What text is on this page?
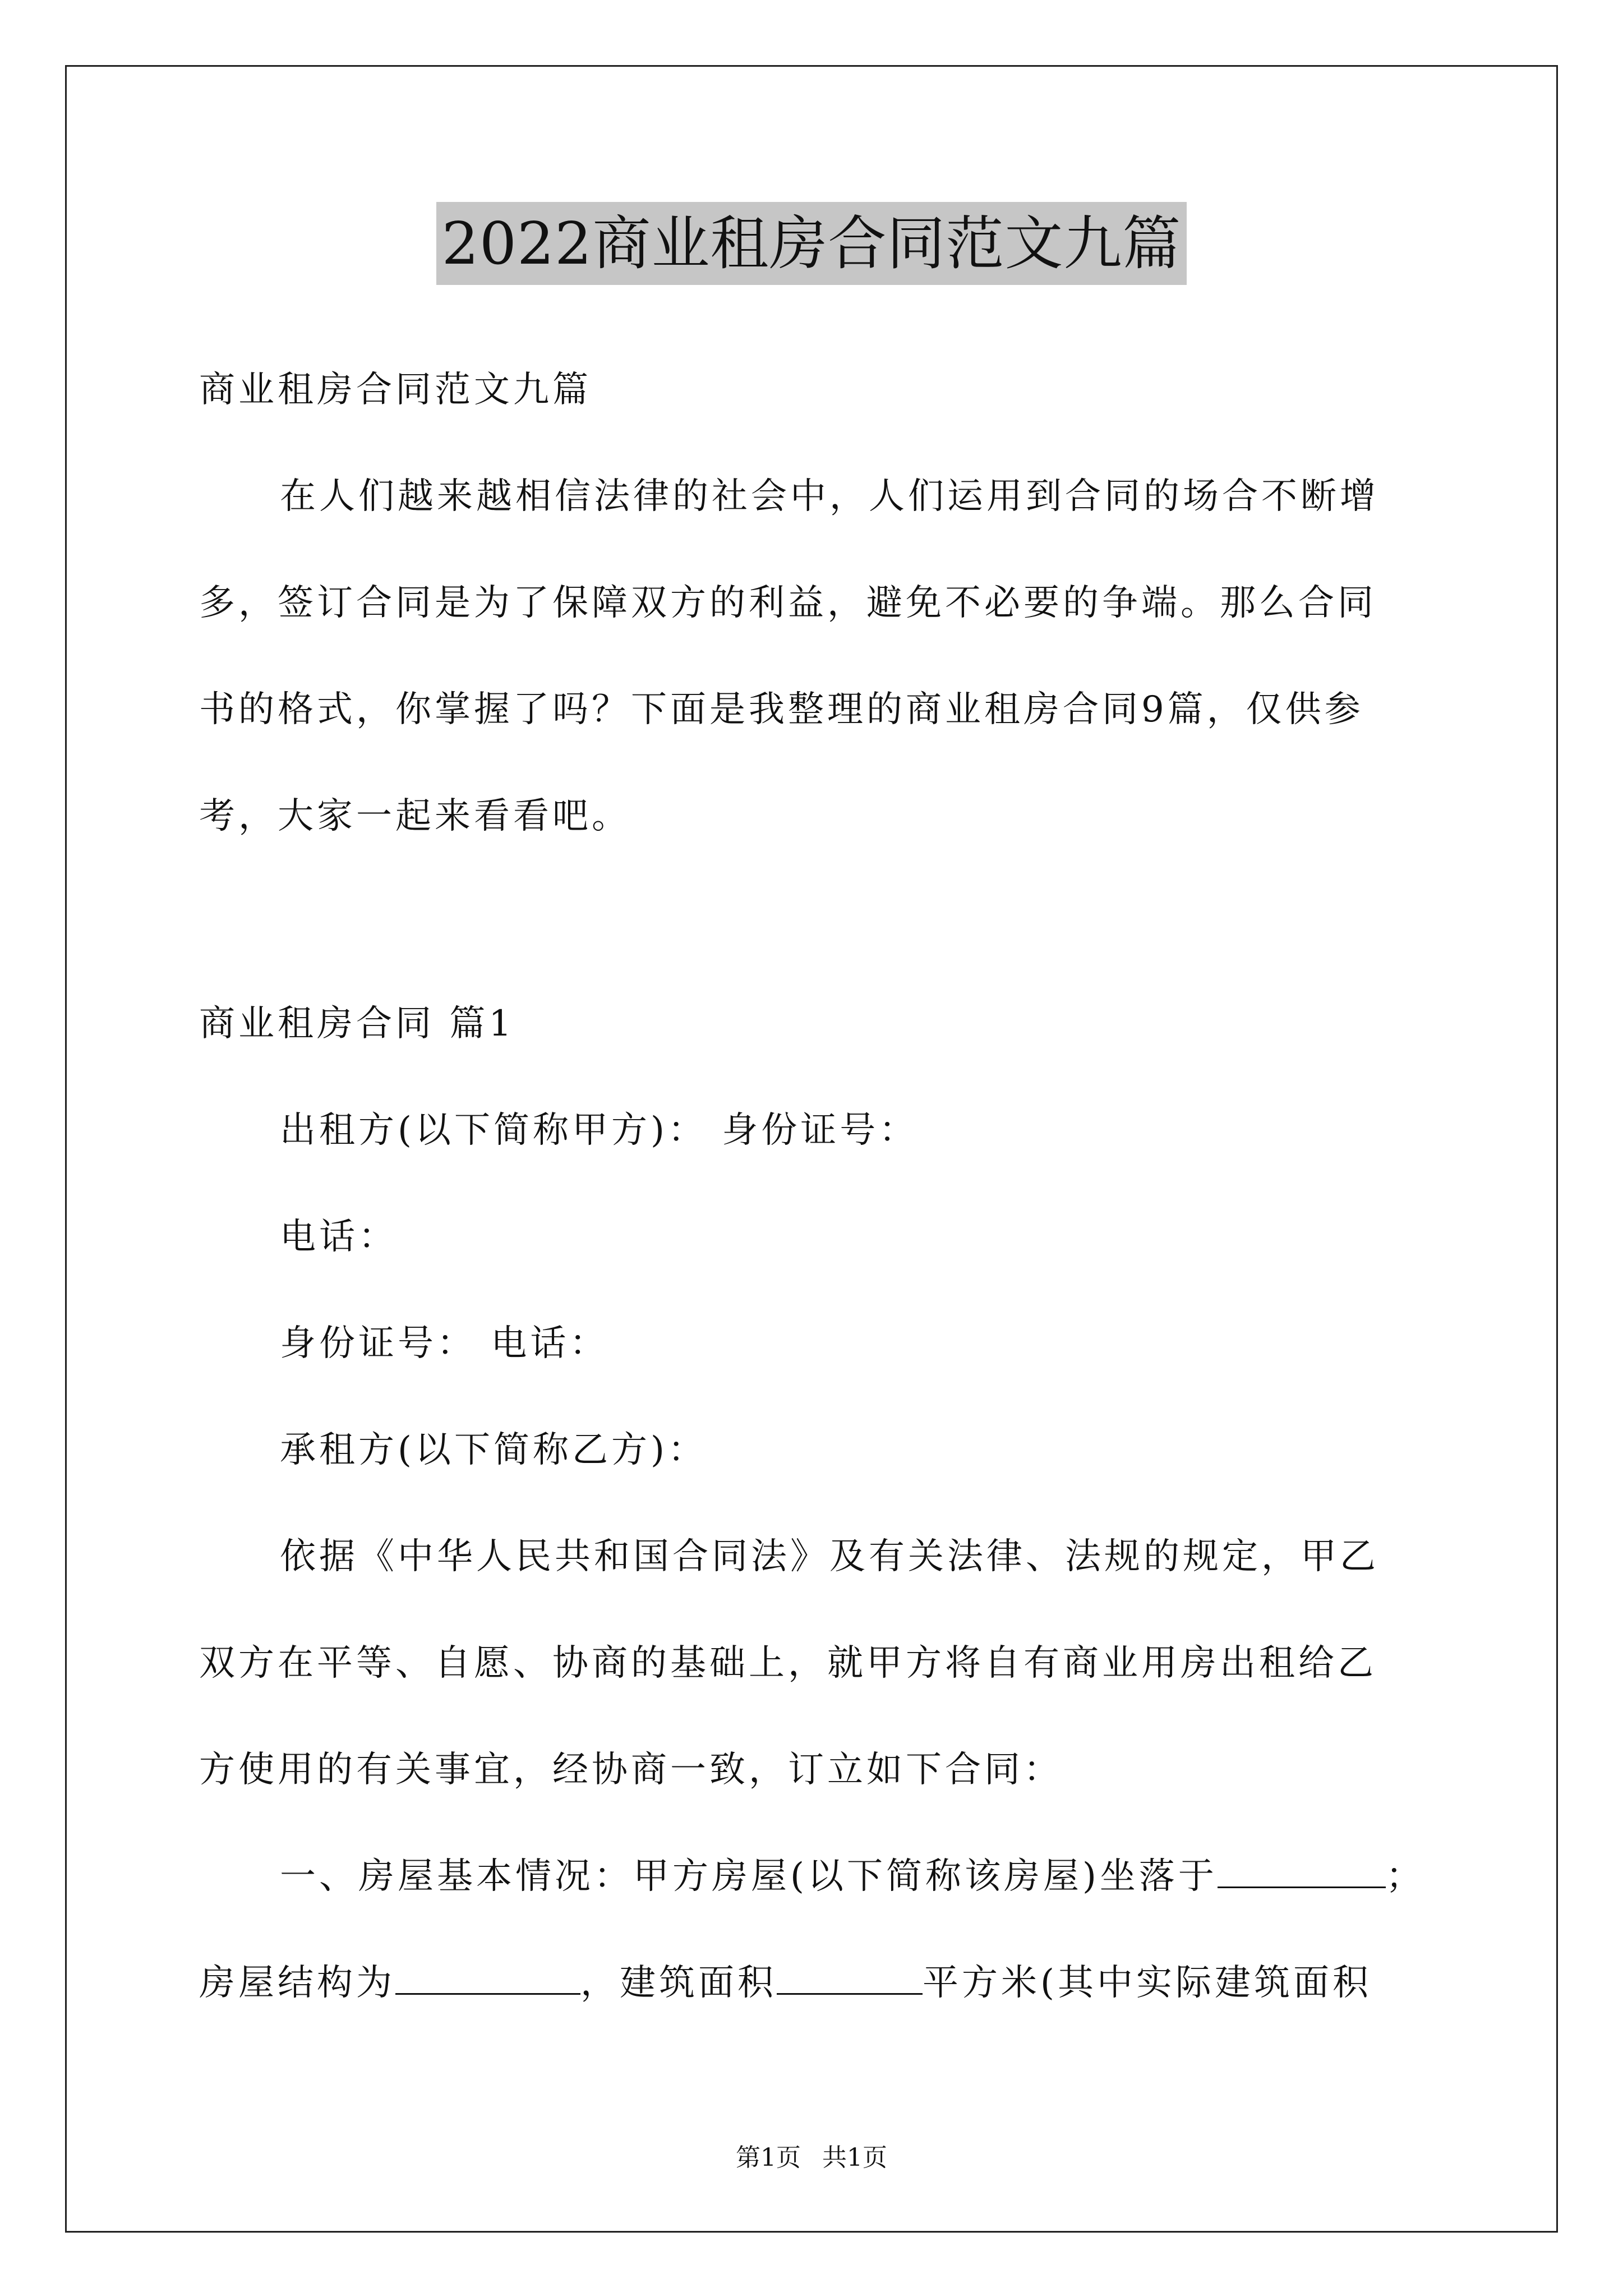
2022商业租房合同范文九篇

商业租房合同范文九篇

在人们越来越相信法律的社会中，人们运用到合同的场合不断增

多，签订合同是为了保障双方的利益，避免不必要的争端。那么合同

书的格式，你掌握了吗？下面是我整理的商业租房合同9篇，仅供参

考，大家一起来看看吧。

商业租房合同 篇1

出租方(以下简称甲方)： 身份证号：

电话：

身份证号： 电话：

承租方(以下简称乙方)：

依据《中华人民共和国合同法》及有关法律、法规的规定，甲乙

双方在平等、自愿、协商的基础上，就甲方将自有商业用房出租给乙

方使用的有关事宜，经协商一致，订立如下合同：

一、房屋基本情况：甲方房屋(以下简称该房屋)坐落于	；

房屋结构为	，建筑面积	平方米(其中实际建筑面积

第1页 共1页
